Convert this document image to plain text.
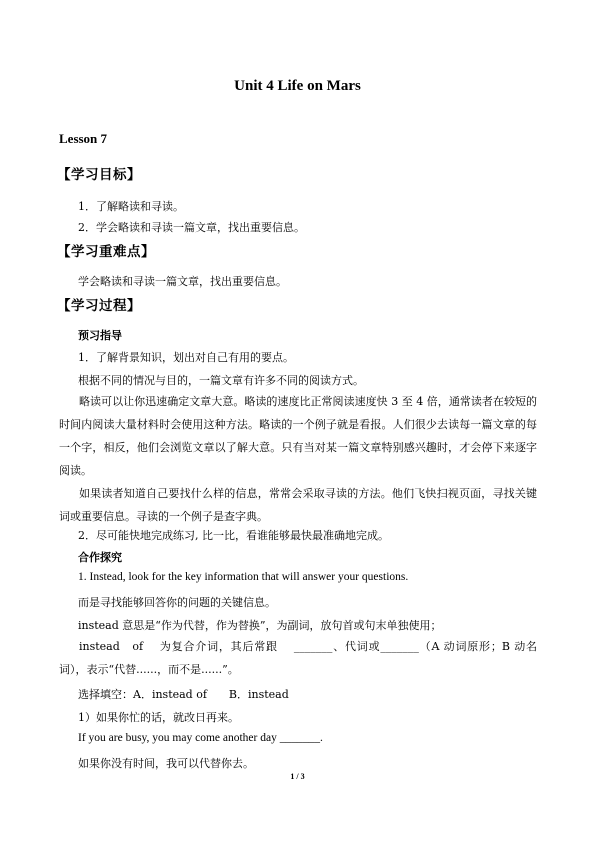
Unit 4 Life on Mars
Lesson 7
【学习目标】
1．了解略读和寻读。
2．学会略读和寻读一篇文章，找出重要信息。
【学习重难点】
学会略读和寻读一篇文章，找出重要信息。
【学习过程】
预习指导
1．了解背景知识，划出对自己有用的要点。
根据不同的情况与目的，一篇文章有许多不同的阅读方式。
略读可以让你迅速确定文章大意。略读的速度比正常阅读速度快 3 至 4 倍，通常读者在较短的时间内阅读大量材料时会使用这种方法。略读的一个例子就是看报。人们很少去读每一篇文章的每一个字，相反，他们会浏览文章以了解大意。只有当对某一篇文章特别感兴趣时，才会停下来逐字阅读。
如果读者知道自己要找什么样的信息，常常会采取寻读的方法。他们飞快扫视页面，寻找关键词或重要信息。寻读的一个例子是查字典。
2．尽可能快地完成练习, 比一比，看谁能够最快最准确地完成。
合作探究
1. Instead, look for the key information that will answer your questions.
而是寻找能够回答你的问题的关键信息。
instead 意思是“作为代替，作为替换”，为副词，放句首或句末单独使用；
instead　of　 为复合介词，其后常跟　 _______、代词或_______（A 动词原形；B 动名词），表示“代替......，而不是......”。
选择填空：A．instead of　　B．instead
1）如果你忙的话，就改日再来。
If you are busy, you may come another day _______.
如果你没有时间，我可以代替你去。
1 / 3
